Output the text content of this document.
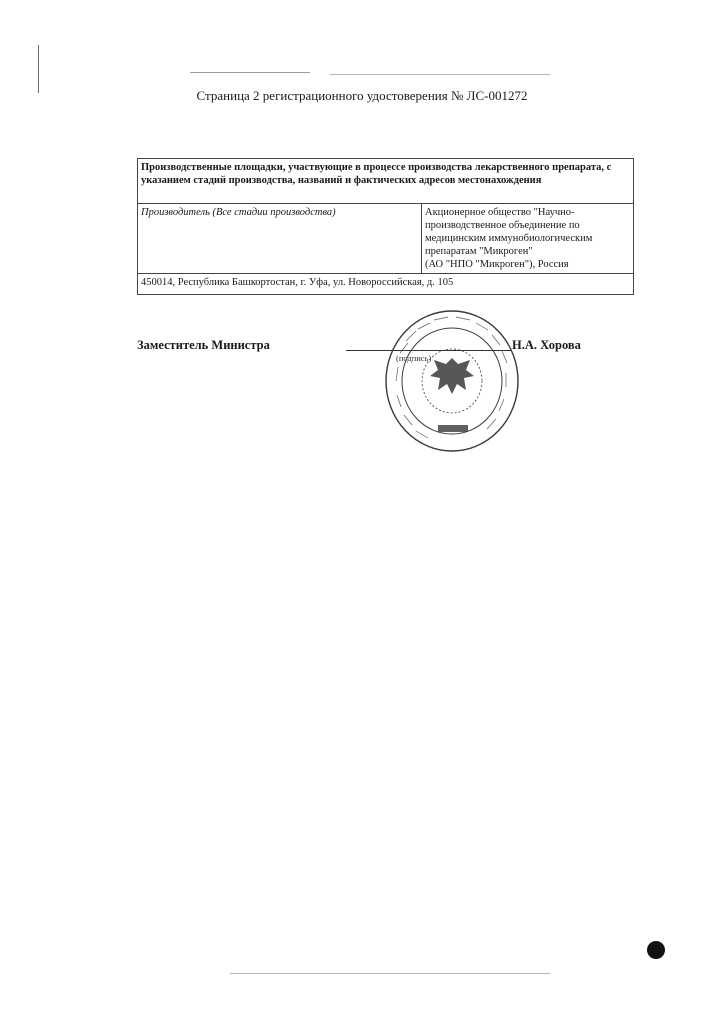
Страница 2 регистрационного удостоверения № ЛС-001272
Производственные площадки, участвующие в процессе производства лекарственного препарата, с указанием стадий производства, названий и фактических адресов местонахождения
Производитель (Все стадии производства)	Акционерное общество "Научно-
производственное объединение по
медицинским иммунобиологическим
препаратам "Микроген"
(АО "НПО "Микроген"), Россия

450014, Республика Башкортостан, г. Уфа, ул. Новороссийская, д. 105
Заместитель Министра
(подпись)
Н.А. Хорова
